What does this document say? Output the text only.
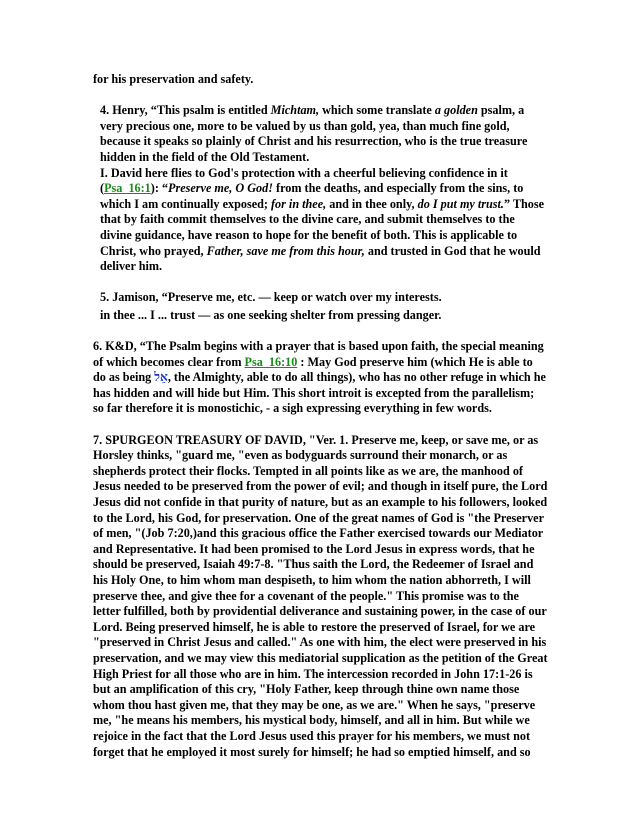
for his preservation and safety.

4. Henry, “This psalm is entitled Michtam, which some translate a golden psalm, a very precious one, more to be valued by us than gold, yea, than much fine gold, because it speaks so plainly of Christ and his resurrection, who is the true treasure hidden in the field of the Old Testament.

I. David here flies to God's protection with a cheerful believing confidence in it (Psa_16:1): “Preserve me, O God! from the deaths, and especially from the sins, to which I am continually exposed; for in thee, and in thee only, do I put my trust.” Those that by faith commit themselves to the divine care, and submit themselves to the divine guidance, have reason to hope for the benefit of both. This is applicable to Christ, who prayed, Father, save me from this hour, and trusted in God that he would deliver him.

5. Jamison, “Preserve me, etc. — keep or watch over my interests.

in thee ... I ... trust — as one seeking shelter from pressing danger.

6. K&D, “The Psalm begins with a prayer that is based upon faith, the special meaning of which becomes clear from Psa_16:10 : May God preserve him (which He is able to do as being אֵל, the Almighty, able to do all things), who has no other refuge in which he has hidden and will hide but Him. This short introit is excepted from the parallelism; so far therefore it is monostichic, - a sigh expressing everything in few words.

7. SPURGEON TREASURY OF DAVID, "Ver. 1. Preserve me, keep, or save me, or as Horsley thinks, "guard me, "even as bodyguards surround their monarch, or as shepherds protect their flocks. Tempted in all points like as we are, the manhood of Jesus needed to be preserved from the power of evil; and though in itself pure, the Lord Jesus did not confide in that purity of nature, but as an example to his followers, looked to the Lord, his God, for preservation. One of the great names of God is "the Preserver of men, "(Job 7:20,)and this gracious office the Father exercised towards our Mediator and Representative. It had been promised to the Lord Jesus in express words, that he should be preserved, Isaiah 49:7-8. "Thus saith the Lord, the Redeemer of Israel and his Holy One, to him whom man despiseth, to him whom the nation abhorreth, I will preserve thee, and give thee for a covenant of the people." This promise was to the letter fulfilled, both by providential deliverance and sustaining power, in the case of our Lord. Being preserved himself, he is able to restore the preserved of Israel, for we are "preserved in Christ Jesus and called." As one with him, the elect were preserved in his preservation, and we may view this mediatorial supplication as the petition of the Great High Priest for all those who are in him. The intercession recorded in John 17:1-26 is but an amplification of this cry, "Holy Father, keep through thine own name those whom thou hast given me, that they may be one, as we are." When he says, "preserve me, "he means his members, his mystical body, himself, and all in him. But while we rejoice in the fact that the Lord Jesus used this prayer for his members, we must not forget that he employed it most surely for himself; he had so emptied himself, and so
